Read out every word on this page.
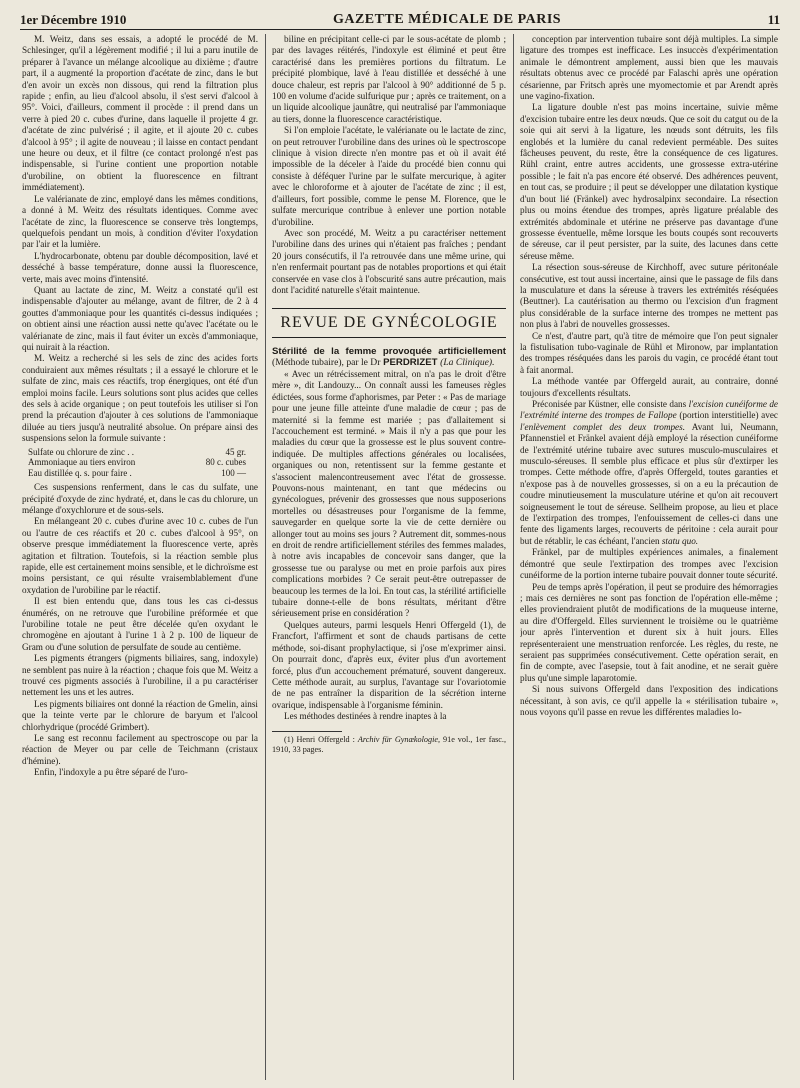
1er Décembre 1910	GAZETTE MÉDICALE DE PARIS	11

M. Weitz, dans ses essais, a adopté le procédé de M. Schlesinger, qu'il a légèrement modifié ; il lui a paru inutile de préparer à l'avance un mélange alcoolique au dixième ; d'autre part, il a augmenté la proportion d'acétate de zinc, dans le but d'en avoir un excès non dissous, qui rend la filtration plus rapide ; enfin, au lieu d'alcool absolu, il s'est servi d'alcool à 95°. Voici, d'ailleurs, comment il procède : il prend dans un verre à pied 20 c. cubes d'urine, dans laquelle il projette 4 gr. d'acétate de zinc pulvérisé ; il agite, et il ajoute 20 c. cubes d'alcool à 95° ; il agite de nouveau ; il laisse en contact pendant une heure ou deux, et il filtre (ce contact prolongé n'est pas indispensable, si l'urine contient une proportion notable d'urobiline, on obtient la fluorescence en filtrant immédiatement).

Le valérianate de zinc, employé dans les mêmes conditions, a donné à M. Weitz des résultats identiques. Comme avec l'acétate de zinc, la fluorescence se conserve très longtemps, quelquefois pendant un mois, à condition d'éviter l'oxydation par l'air et la lumière.

L'hydrocarbonate, obtenu par double décomposition, lavé et desséché à basse température, donne aussi la fluorescence, verte, mais avec moins d'intensité.

Quant au lactate de zinc, M. Weitz a constaté qu'il est indispensable d'ajouter au mélange, avant de filtrer, de 2 à 4 gouttes d'ammoniaque pour les quantités ci-dessus indiquées ; on obtient ainsi une réaction aussi nette qu'avec l'acétate ou le valérianate de zinc, mais il faut éviter un excès d'ammoniaque, qui nuirait à la réaction.

M. Weitz a recherché si les sels de zinc des acides forts conduiraient aux mêmes résultats ; il a essayé le chlorure et le sulfate de zinc, mais ces réactifs, trop énergiques, ont été d'un emploi moins facile. Leurs solutions sont plus acides que celles des sels à acide organique ; on peut toutefois les utiliser si l'on prend la précaution d'ajouter à ces solutions de l'ammoniaque diluée au tiers jusqu'à neutralité absolue. On prépare ainsi des suspensions selon la formule suivante :

Sulfate ou chlorure de zinc . .	45 gr.
Ammoniaque au tiers environ	80 c. cubes
Eau distillée q. s. pour faire .	100 —

Ces suspensions renferment, dans le cas du sulfate, une précipité d'oxyde de zinc hydraté, et, dans le cas du chlorure, un mélange d'oxychlorure et de sous-sels.

En mélangeant 20 c. cubes d'urine avec 10 c. cubes de l'un ou l'autre de ces réactifs et 20 c. cubes d'alcool à 95°, on observe presque immédiatement la fluorescence verte, après agitation et filtration. Toutefois, si la réaction semble plus rapide, elle est certainement moins sensible, et le dichroïsme est moins persistant, ce qui résulte vraisemblablement d'une oxydation de l'urobiline par le réactif.

Il est bien entendu que, dans tous les cas ci-dessus énumérés, on ne retrouve que l'urobiline préformée et que l'urobiline totale ne peut être décelée qu'en oxydant le chromogène en ajoutant à l'urine 1 à 2 p. 100 de liqueur de Gram ou d'une solution de persulfate de soude au centième.

Les pigments étrangers (pigments biliaires, sang, indoxyle) ne semblent pas nuire à la réaction ; chaque fois que M. Weitz a trouvé ces pigments associés à l'urobiline, il a pu caractériser nettement les uns et les autres.

Les pigments biliaires ont donné la réaction de Gmelin, ainsi que la teinte verte par le chlorure de baryum et l'alcool chlorhydrique (procédé Grimbert).

Le sang est reconnu facilement au spectroscope ou par la réaction de Meyer ou par celle de Teichmann (cristaux d'hémine).

Enfin, l'indoxyle a pu être séparé de l'uro-

biline en précipitant celle-ci par le sous-acétate de plomb ; par des lavages réitérés, l'indoxyle est éliminé et peut être caractérisé dans les premières portions du filtratum. Le précipité plombique, lavé à l'eau distillée et desséché à une douce chaleur, est repris par l'alcool à 90° additionné de 5 p. 100 en volume d'acide sulfurique pur ; après ce traitement, on a un liquide alcoolique jaunâtre, qui neutralisé par l'ammoniaque au tiers, donne la fluorescence caractéristique.

Si l'on emploie l'acétate, le valérianate ou le lactate de zinc, on peut retrouver l'urobiline dans des urines où le spectroscope clinique à vision directe n'en montre pas et où il avait été impossible de la déceler à l'aide du procédé bien connu qui consiste à déféquer l'urine par le sulfate mercurique, à agiter avec le chloroforme et à ajouter de l'acétate de zinc ; il est, d'ailleurs, fort possible, comme le pense M. Florence, que le sulfate mercurique contribue à enlever une portion notable d'urobiline.

Avec son procédé, M. Weitz a pu caractériser nettement l'urobiline dans des urines qui n'étaient pas fraîches ; pendant 20 jours consécutifs, il l'a retrouvée dans une même urine, qui n'en renfermait pourtant pas de notables proportions et qui était conservée en vase clos à l'obscurité sans autre précaution, mais dont l'acidité naturelle s'était maintenue.

REVUE DE GYNÉCOLOGIE

Stérilité de la femme provoquée artificiellement (Méthode tubaire), par le Dr PERDRIZET (La Clinique).

« Avec un rétrécissement mitral, on n'a pas le droit d'être mère », dit Landouzy... On connaît aussi les fameuses règles édictées, sous forme d'aphorismes, par Peter : « Pas de mariage pour une jeune fille atteinte d'une maladie de cœur ; pas de maternité si la femme est mariée ; pas d'allaitement si l'accouchement est terminé. » Mais il n'y a pas que pour les maladies du cœur que la grossesse est le plus souvent contre-indiquée. De multiples affections générales ou localisées, organiques ou non, retentissent sur la femme gestante et s'associent malencontreusement avec l'état de grossesse. Pouvons-nous maintenant, en tant que médecins ou gynécologues, prévenir des grossesses que nous supposerions mortelles ou désastreuses pour l'organisme de la femme, sauvegarder en quelque sorte la vie de cette dernière ou allonger tout au moins ses jours ? Autrement dit, sommes-nous en droit de rendre artificiellement stériles des femmes malades, à notre avis incapables de concevoir sans danger, que la grossesse tue ou paralyse ou met en proie parfois aux pires complications morbides ? Ce serait peut-être outrepasser de beaucoup les termes de la loi. En tout cas, la stérilité artificielle tubaire donne-t-elle de bons résultats, méritant d'être sérieusement prise en considération ?

Quelques auteurs, parmi lesquels Henri Offergeld (1), de Francfort, l'affirment et sont de chauds partisans de cette méthode, soi-disant prophylactique, si j'ose m'exprimer ainsi. On pourrait donc, d'après eux, éviter plus d'un avortement forcé, plus d'un accouchement prématuré, souvent dangereux. Cette méthode aurait, au surplus, l'avantage sur l'ovariotomie de ne pas entraîner la disparition de la sécrétion interne ovarique, indispensable à l'organisme féminin.

Les méthodes destinées à rendre inaptes à la

(1) Henri Offergeld : Archiv für Gynækologie, 91e vol., 1er fasc., 1910, 33 pages.

conception par intervention tubaire sont déjà multiples. La simple ligature des trompes est inefficace. Les insuccès d'expérimentation animale le démontrent amplement, aussi bien que les mauvais résultats obtenus avec ce procédé par Falaschi après une opération césarienne, par Fritsch après une myomectomie et par Arendt après une vagino-fixation.

La ligature double n'est pas moins incertaine, suivie même d'excision tubaire entre les deux nœuds. Que ce soit du catgut ou de la soie qui ait servi à la ligature, les nœuds sont détruits, les fils englobés et la lumière du canal redevient perméable. Des suites fâcheuses peuvent, du reste, être la conséquence de ces ligatures. Rühl craint, entre autres accidents, une grossesse extra-utérine possible ; le fait n'a pas encore été observé. Des adhérences peuvent, en tout cas, se produire ; il peut se développer une dilatation kystique d'un bout lié (Fränkel) avec hydrosalpinx secondaire. La résection plus ou moins étendue des trompes, après ligature préalable des extrémités abdominale et utérine ne préserve pas davantage d'une grossesse éventuelle, même lorsque les bouts coupés sont recouverts de séreuse, car il peut persister, par la suite, des lacunes dans cette séreuse même.

La résection sous-séreuse de Kirchhoff, avec suture péritonéale consécutive, est tout aussi incertaine, ainsi que le passage de fils dans la musculature et dans la séreuse à travers les extrémités réséquées (Beuttner). La cautérisation au thermo ou l'excision d'un fragment plus considérable de la surface interne des trompes ne mettent pas non plus à l'abri de nouvelles grossesses.

Ce n'est, d'autre part, qu'à titre de mémoire que l'on peut signaler la fistulisation tubo-vaginale de Rühl et Mironow, par implantation des trompes réséquées dans les parois du vagin, ce procédé étant tout à fait anormal.

La méthode vantée par Offergeld aurait, au contraire, donné toujours d'excellents résultats.

Préconisée par Küstner, elle consiste dans l'excision cunéiforme de l'extrémité interne des trompes de Fallope (portion interstitielle) avec l'enlèvement complet des deux trompes. Avant lui, Neumann, Pfannenstiel et Fränkel avaient déjà employé la résection cunéiforme de l'extrémité utérine tubaire avec sutures musculo-musculaires et musculo-séreuses. Il semble plus efficace et plus sûr d'extirper les trompes. Cette méthode offre, d'après Offergeld, toutes garanties et n'expose pas à de nouvelles grossesses, si on a eu la précaution de coudre minutieusement la musculature utérine et qu'on ait recouvert soigneusement le tout de séreuse. Sellheim propose, au lieu et place de l'extirpation des trompes, l'enfouissement de celles-ci dans une fente des ligaments larges, recouverts de péritoine : cela aurait pour but de rétablir, le cas échéant, l'ancien statu quo.

Fränkel, par de multiples expériences animales, a finalement démontré que seule l'extirpation des trompes avec l'excision cunéiforme de la portion interne tubaire pouvait donner toute sécurité.

Peu de temps après l'opération, il peut se produire des hémorragies ; mais ces dernières ne sont pas fonction de l'opération elle-même ; elles proviendraient plutôt de modifications de la muqueuse interne, au dire d'Offergeld. Elles surviennent le troisième ou le quatrième jour après l'intervention et durent six à huit jours. Elles représenteraient une menstruation renforcée. Les règles, du reste, ne seraient pas supprimées consécutivement. Cette opération serait, en fin de compte, avec l'asepsie, tout à fait anodine, et ne serait guère plus qu'une simple laparotomie.

Si nous suivons Offergeld dans l'exposition des indications nécessitant, à son avis, ce qu'il appelle la « stérilisation tubaire », nous voyons qu'il passe en revue les différentes maladies lo-
